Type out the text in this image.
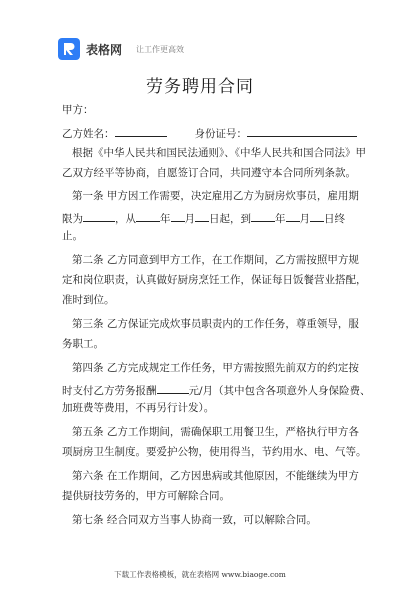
表格网 让工作更高效
劳务聘用合同
甲方：
乙方姓名：	身份证号：
根据《中华人民共和国民法通则》、《中华人民共和国合同法》甲
乙双方经平等协商，自愿签订合同，共同遵守本合同所列条款。
第一条 甲方因工作需要，决定雇用乙方为厨房炊事员，雇用期
限为	，从 年 月 日起，到 年 月 日终
止。
第二条 乙方同意到甲方工作，在工作期间，乙方需按照甲方规
定和岗位职责，认真做好厨房烹饪工作，保证每日饭餐营业搭配，
准时到位。
第三条 乙方保证完成炊事员职责内的工作任务，尊重领导，服
务职工。
第四条 乙方完成规定工作任务，甲方需按照先前双方的约定按
时支付乙方劳务报酬	元/月（其中包含各项意外人身保险费、
加班费等费用，不再另行计发）。
第五条 乙方工作期间，需确保职工用餐卫生，严格执行甲方各
项厨房卫生制度。要爱护公物，使用得当，节约用水、电、气等。
第六条 在工作期间，乙方因患病或其他原因，不能继续为甲方
提供厨技劳务的，甲方可解除合同。
第七条 经合同双方当事人协商一致，可以解除合同。
下载工作表格模板，就在表格网 www.biaoge.com
